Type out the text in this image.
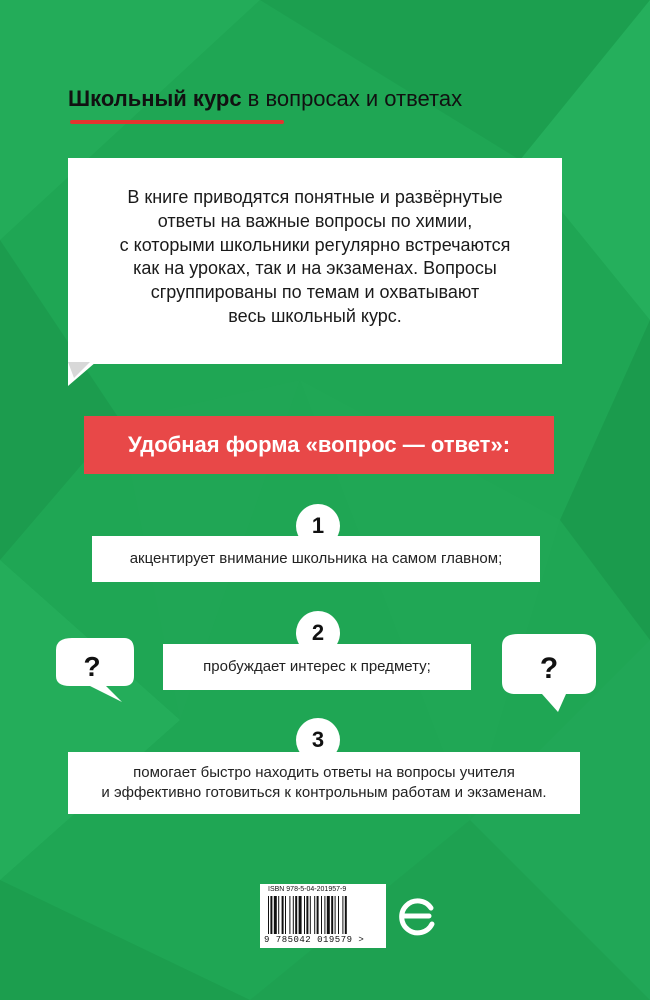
Школьный курс в вопросах и ответах
В книге приводятся понятные и развёрнутые
ответы на важные вопросы по химии,
с которыми школьники регулярно встречаются
как на уроках, так и на экзаменах. Вопросы
сгруппированы по темам и охватывают
весь школьный курс.
Удобная форма «вопрос — ответ»:
акцентирует внимание школьника на самом главном;
1
пробуждает интерес к предмету;
2
помогает быстро находить ответы на вопросы учителя
и эффективно готовиться к контрольным работам и экзаменам.
3
?	?
ISBN 978-5-04-201957-9
9 785042 019579 >
